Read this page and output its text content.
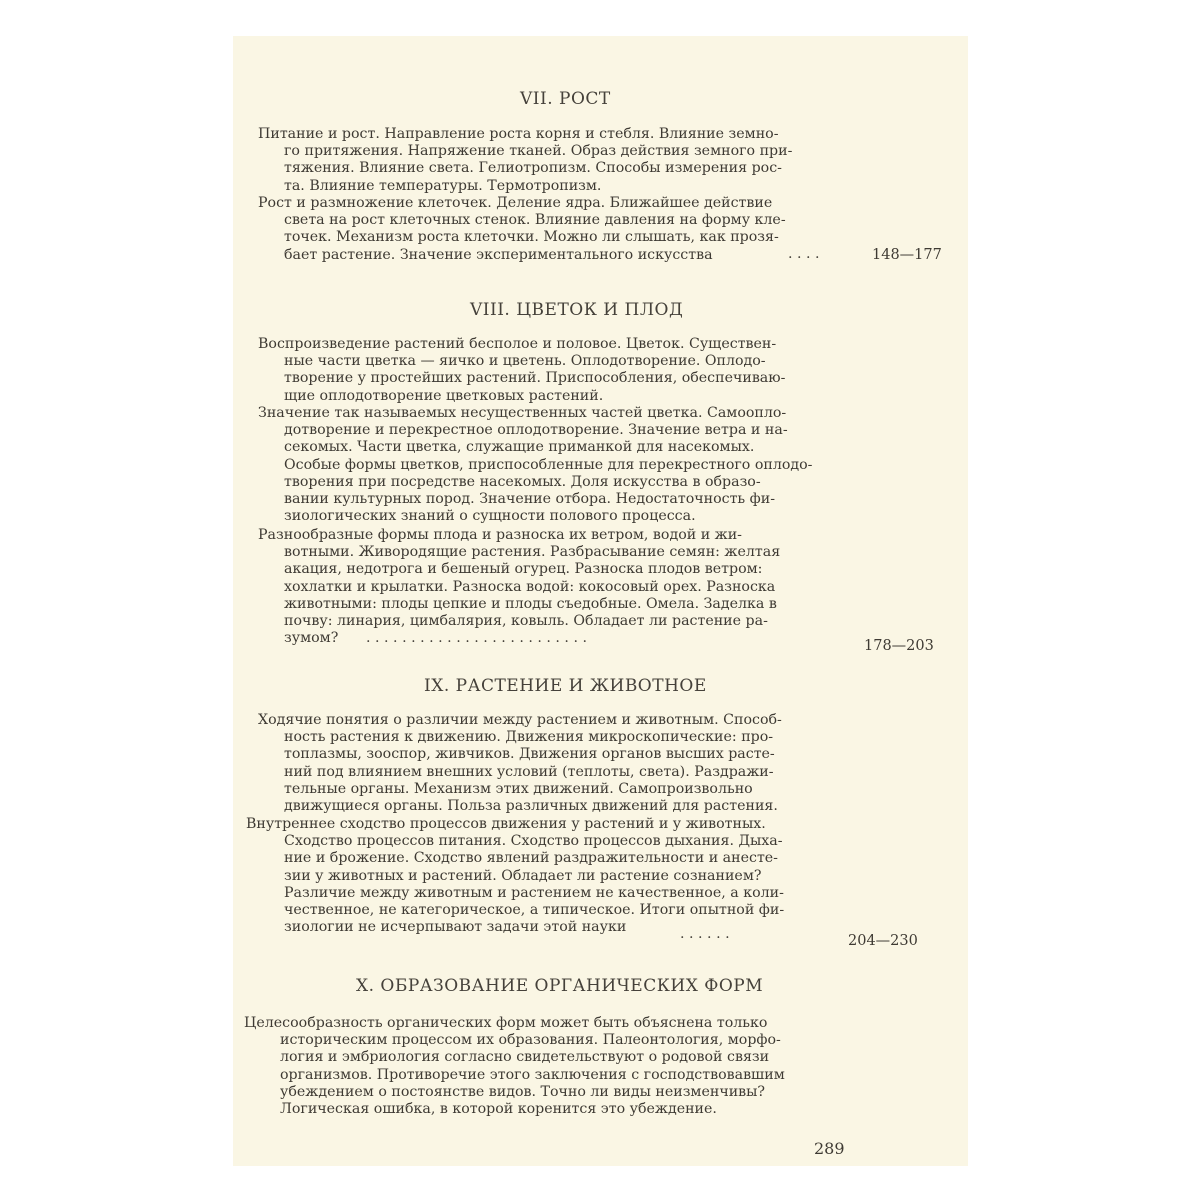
VII. РОСТ
Питание и рост. Направление роста корня и стебля. Влияние земно-
го притяжения. Напряжение тканей. Образ действия земного при-
тяжения. Влияние света. Гелиотропизм. Способы измерения рос-
та. Влияние температуры. Термотропизм.
Рост и размножение клеточек. Деление ядра. Ближайшее действие
света на рост клеточных стенок. Влияние давления на форму кле-
точек. Механизм роста клеточки. Можно ли слышать, как прозя-
бает растение. Значение экспериментального искусства	. . . .	148—177
VIII. ЦВЕТОК И ПЛОД
Воспроизведение растений бесполое и половое. Цветок. Существен-
ные части цветка — яичко и цветень. Оплодотворение. Оплодо-
творение у простейших растений. Приспособления, обеспечиваю-
щие оплодотворение цветковых растений.
Значение так называемых несущественных частей цветка. Самоопло-
дотворение и перекрестное оплодотворение. Значение ветра и на-
секомых. Части цветка, служащие приманкой для насекомых.
Особые формы цветков, приспособленные для перекрестного оплодо-
творения при посредстве насекомых. Доля искусства в образо-
вании культурных пород. Значение отбора. Недостаточность фи-
зиологических знаний о сущности полового процесса.
Разнообразные формы плода и разноска их ветром, водой и жи-
вотными. Живородящие растения. Разбрасывание семян: желтая
акация, недотрога и бешеный огурец. Разноска плодов ветром:
хохлатки и крылатки. Разноска водой: кокосовый орех. Разноска
животными: плоды цепкие и плоды съедобные. Омела. Заделка в
почву: линария, цимбалярия, ковыль. Обладает ли растение ра-
зумом?	. . . . . . . . . . . . . . . . . . . . . . . . .	178—203
IX. РАСТЕНИЕ И ЖИВОТНОЕ
Ходячие понятия о различии между растением и животным. Способ-
ность растения к движению. Движения микроскопические: про-
топлазмы, зооспор, живчиков. Движения органов высших расте-
ний под влиянием внешних условий (теплоты, света). Раздражи-
тельные органы. Механизм этих движений. Самопроизвольно
движущиеся органы. Польза различных движений для растения.
Внутреннее сходство процессов движения у растений и у животных.
Сходство процессов питания. Сходство процессов дыхания. Дыха-
ние и брожение. Сходство явлений раздражительности и анесте-
зии у животных и растений. Обладает ли растение сознанием?
Различие между животным и растением не качественное, а коли-
чественное, не категорическое, а типическое. Итоги опытной фи-
зиологии не исчерпывают задачи этой науки	. . . . . .	204—230
X. ОБРАЗОВАНИЕ ОРГАНИЧЕСКИХ ФОРМ
Целесообразность органических форм может быть объяснена только
историческим процессом их образования. Палеонтология, морфо-
логия и эмбриология согласно свидетельствуют о родовой связи
организмов. Противоречие этого заключения с господствовавшим
убеждением о постоянстве видов. Точно ли виды неизменчивы?
Логическая ошибка, в которой коренится это убеждение.
289
